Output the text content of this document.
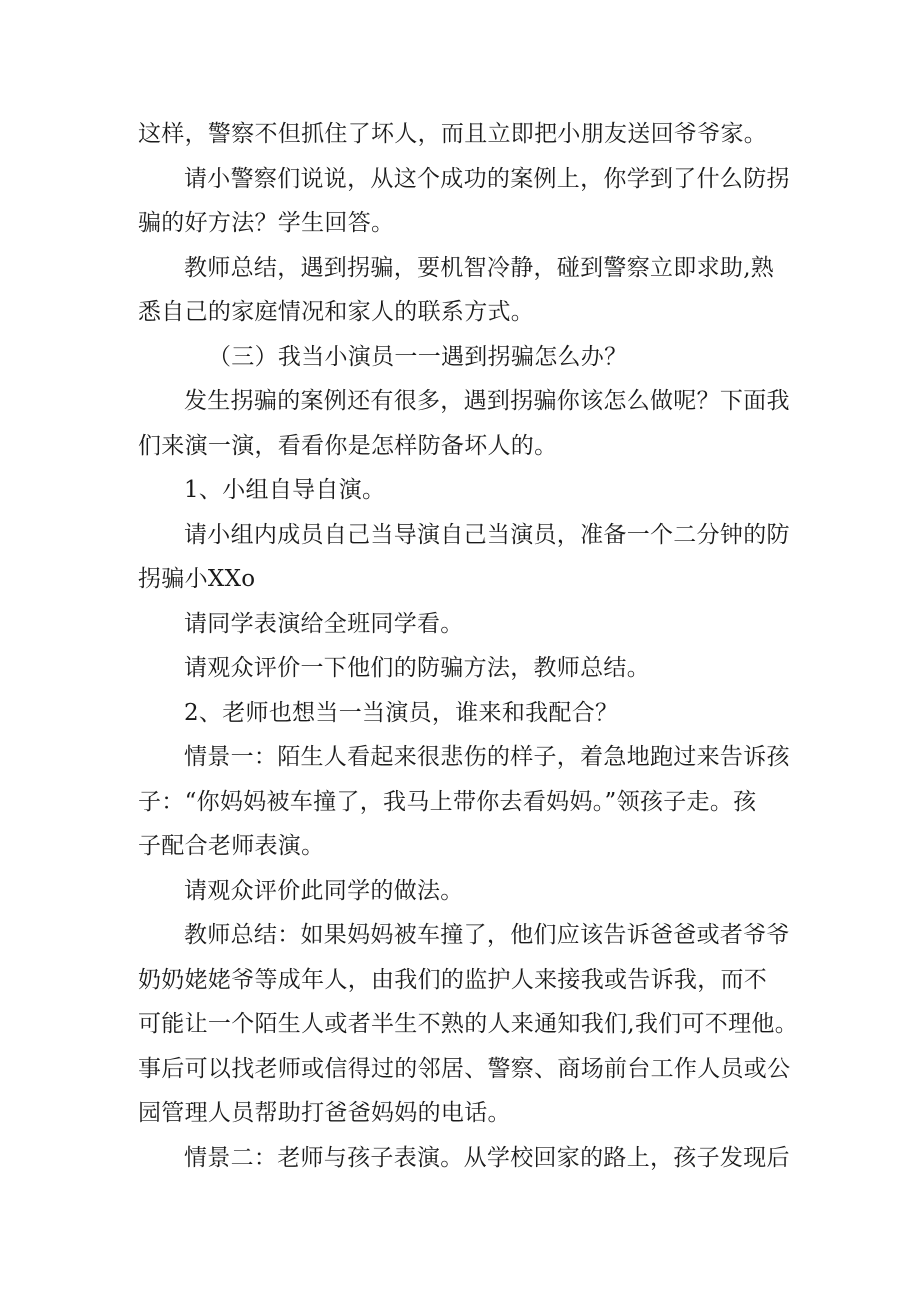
这样，警察不但抓住了坏人，而且立即把小朋友送回爷爷家。
请小警察们说说，从这个成功的案例上，你学到了什么防拐
骗的好方法？学生回答。
教师总结，遇到拐骗，要机智冷静，碰到警察立即求助,熟
悉自己的家庭情况和家人的联系方式。
（三）我当小演员一一遇到拐骗怎么办？
发生拐骗的案例还有很多，遇到拐骗你该怎么做呢？下面我
们来演一演，看看你是怎样防备坏人的。
1、小组自导自演。
请小组内成员自己当导演自己当演员，准备一个二分钟的防
拐骗小XXo
请同学表演给全班同学看。
请观众评价一下他们的防骗方法，教师总结。
2、老师也想当一当演员，谁来和我配合？
情景一：陌生人看起来很悲伤的样子，着急地跑过来告诉孩
子：“你妈妈被车撞了，我马上带你去看妈妈。”领孩子走。孩
子配合老师表演。
请观众评价此同学的做法。
教师总结：如果妈妈被车撞了，他们应该告诉爸爸或者爷爷
奶奶姥姥爷等成年人，由我们的监护人来接我或告诉我，而不
可能让一个陌生人或者半生不熟的人来通知我们,我们可不理他。
事后可以找老师或信得过的邻居、警察、商场前台工作人员或公
园管理人员帮助打爸爸妈妈的电话。
情景二：老师与孩子表演。从学校回家的路上，孩子发现后
